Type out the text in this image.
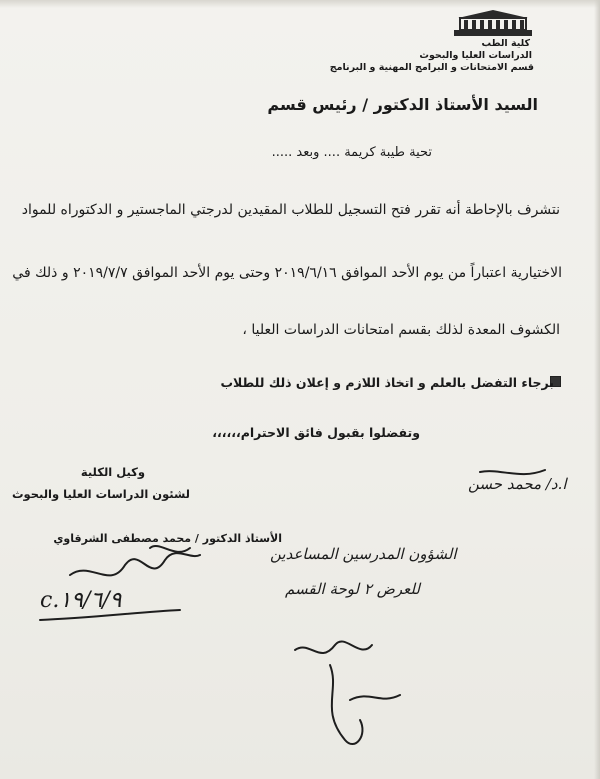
كلية الطب
الدراسات العليا والبحوث
قسم الامتحانات و البرامج المهنية و البرنامج
السيد الأستاذ الدكتور / رئيس قسم
تحية طيبة كريمة .... وبعد .....
نتشرف بالإحاطة أنه تقرر فتح التسجيل للطلاب المقيدين لدرجتي الماجستير و الدكتوراه للمواد
الاختيارية اعتباراً من يوم الأحد الموافق ٢٠١٩/٦/١٦ وحتى يوم الأحد الموافق ٢٠١٩/٧/٧ و ذلك في
الكشوف المعدة لذلك بقسم امتحانات الدراسات العليا ،
برجاء التفضل بالعلم و اتخاذ اللازم و إعلان ذلك للطلاب
وتفضلوا بقبول فائق الاحترام،،،،،،
وكيل الكلية
لشئون الدراسات العليا والبحوث
الأستاذ الدكتور / محمد مصطفى الشرقاوي
ا.د/ محمد حسن
الشؤون المدرسين المساعدين
للعرض ٢ لوحة القسم
c.١٩/٦/٩
